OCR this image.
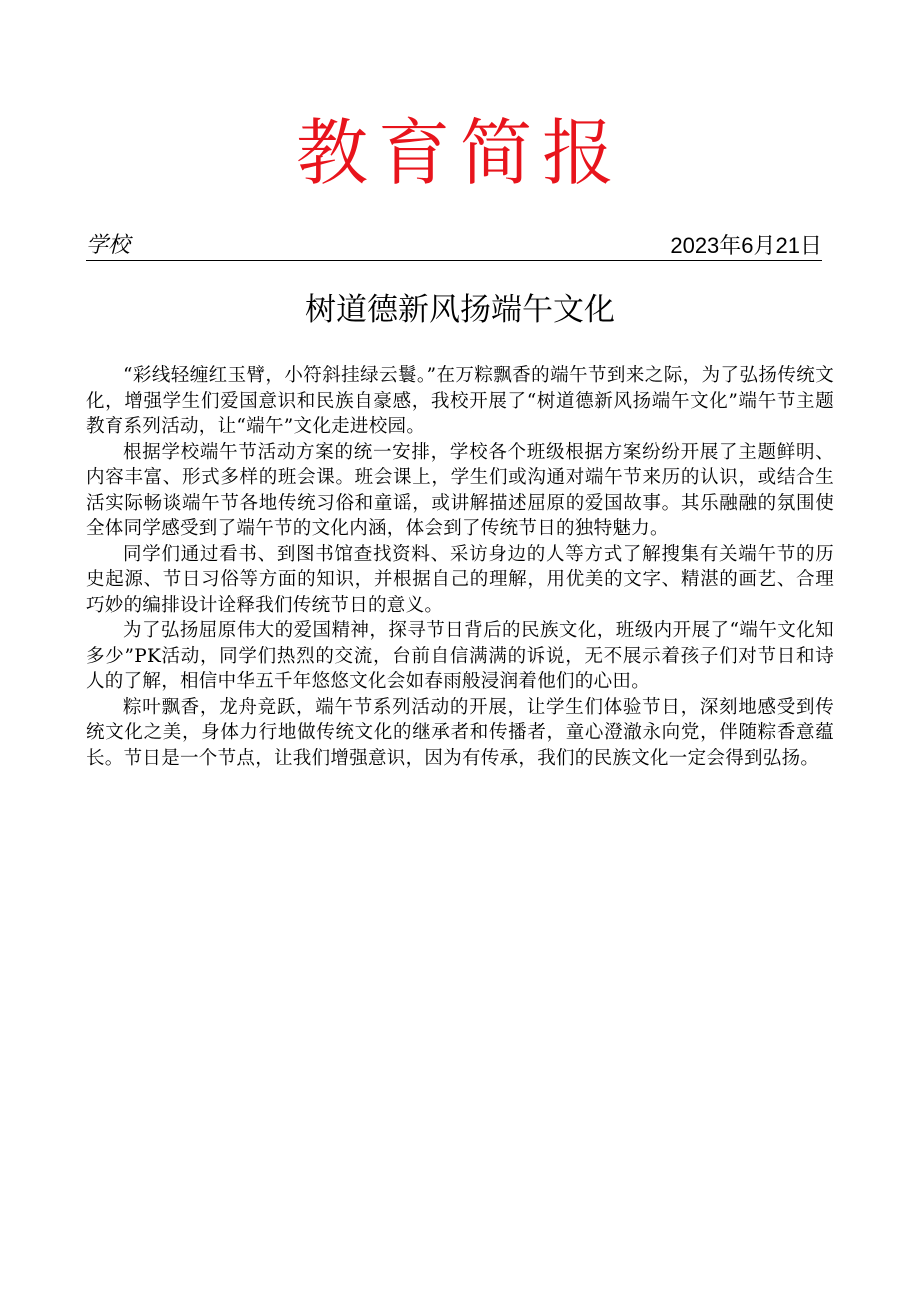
教育简报
学校	2023年6月21日
树道德新风扬端午文化

“彩线轻缠红玉臂，小符斜挂绿云鬟。”在万粽飘香的端午节到来之际，为了弘扬传统文化，增强学生们爱国意识和民族自豪感，我校开展了“树道德新风扬端午文化”端午节主题教育系列活动，让“端午”文化走进校园。

根据学校端午节活动方案的统一安排，学校各个班级根据方案纷纷开展了主题鲜明、内容丰富、形式多样的班会课。班会课上，学生们或沟通对端午节来历的认识，或结合生活实际畅谈端午节各地传统习俗和童谣，或讲解描述屈原的爱国故事。其乐融融的氛围使全体同学感受到了端午节的文化内涵，体会到了传统节日的独特魅力。

同学们通过看书、到图书馆查找资料、采访身边的人等方式了解搜集有关端午节的历史起源、节日习俗等方面的知识，并根据自己的理解，用优美的文字、精湛的画艺、合理巧妙的编排设计诠释我们传统节日的意义。

为了弘扬屈原伟大的爱国精神，探寻节日背后的民族文化，班级内开展了“端午文化知多少”PK活动，同学们热烈的交流，台前自信满满的诉说，无不展示着孩子们对节日和诗人的了解，相信中华五千年悠悠文化会如春雨般浸润着他们的心田。

粽叶飘香，龙舟竞跃，端午节系列活动的开展，让学生们体验节日，深刻地感受到传统文化之美，身体力行地做传统文化的继承者和传播者，童心澄澈永向党，伴随粽香意蕴长。节日是一个节点，让我们增强意识，因为有传承，我们的民族文化一定会得到弘扬。
